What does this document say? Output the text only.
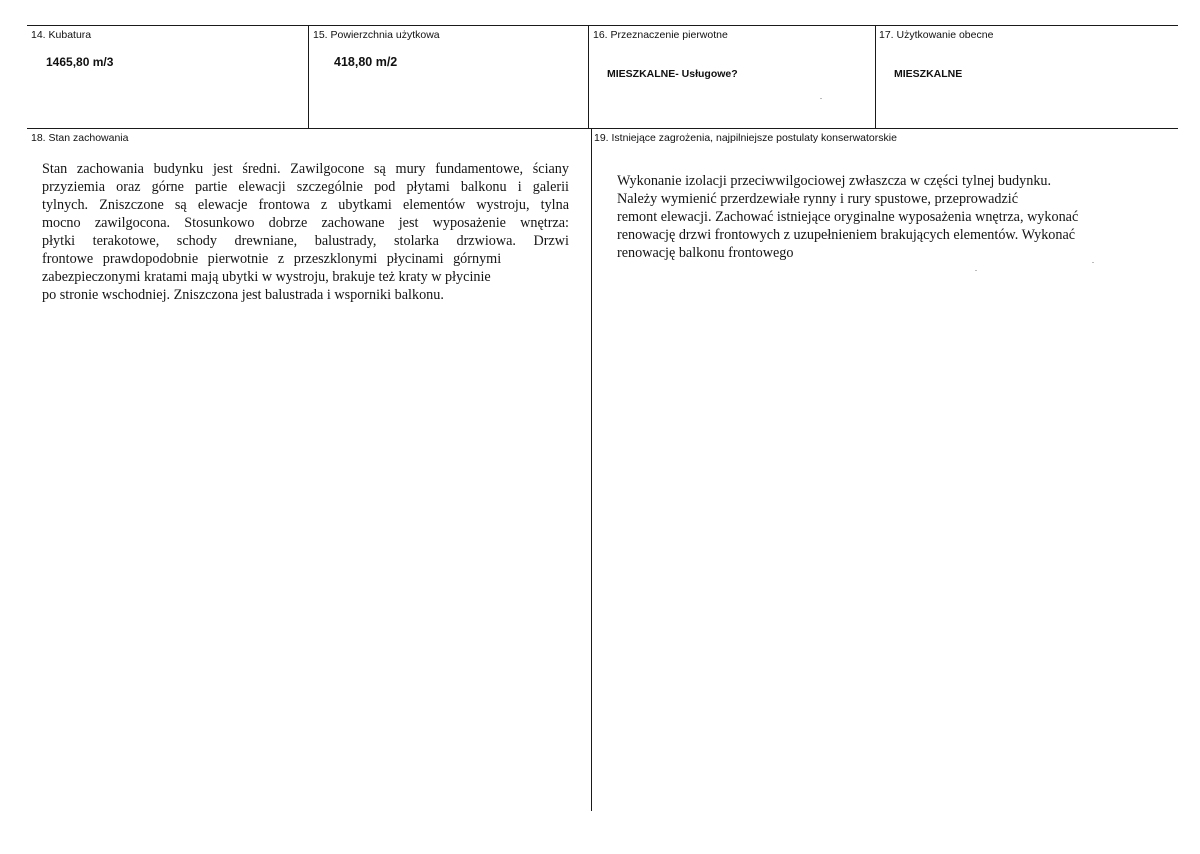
14. Kubatura
1465,80 m/3
15. Powierzchnia użytkowa
418,80 m/2
16. Przeznaczenie pierwotne
MIESZKALNE- Usługowe?
17. Użytkowanie obecne
MIESZKALNE
18. Stan zachowania
Stan zachowania budynku jest średni. Zawilgocone są mury fundamentowe, ściany
przyziemia oraz górne partie elewacji szczególnie pod płytami balkonu i galerii
tylnych. Zniszczone są elewacje frontowa z ubytkami elementów wystroju, tylna
mocno zawilgocona. Stosunkowo dobrze zachowane jest wyposażenie wnętrza:
płytki terakotowe, schody drewniane, balustrady, stolarka drzwiowa. Drzwi
frontowe prawdopodobnie pierwotnie z przeszklonymi płycinami górnymi
zabezpieczonymi kratami mają ubytki w wystroju, brakuje też kraty w płycinie
po stronie wschodniej. Zniszczona jest balustrada i wsporniki balkonu.
19. Istniejące zagrożenia, najpilniejsze postulaty konserwatorskie
Wykonanie izolacji przeciwwilgociowej zwłaszcza w części tylnej budynku.
Należy wymienić przerdzewiałe rynny i rury spustowe, przeprowadzić
remont elewacji. Zachować istniejące oryginalne wyposażenia wnętrza, wykonać
renowację drzwi frontowych z uzupełnieniem brakujących elementów. Wykonać
renowację balkonu frontowego
